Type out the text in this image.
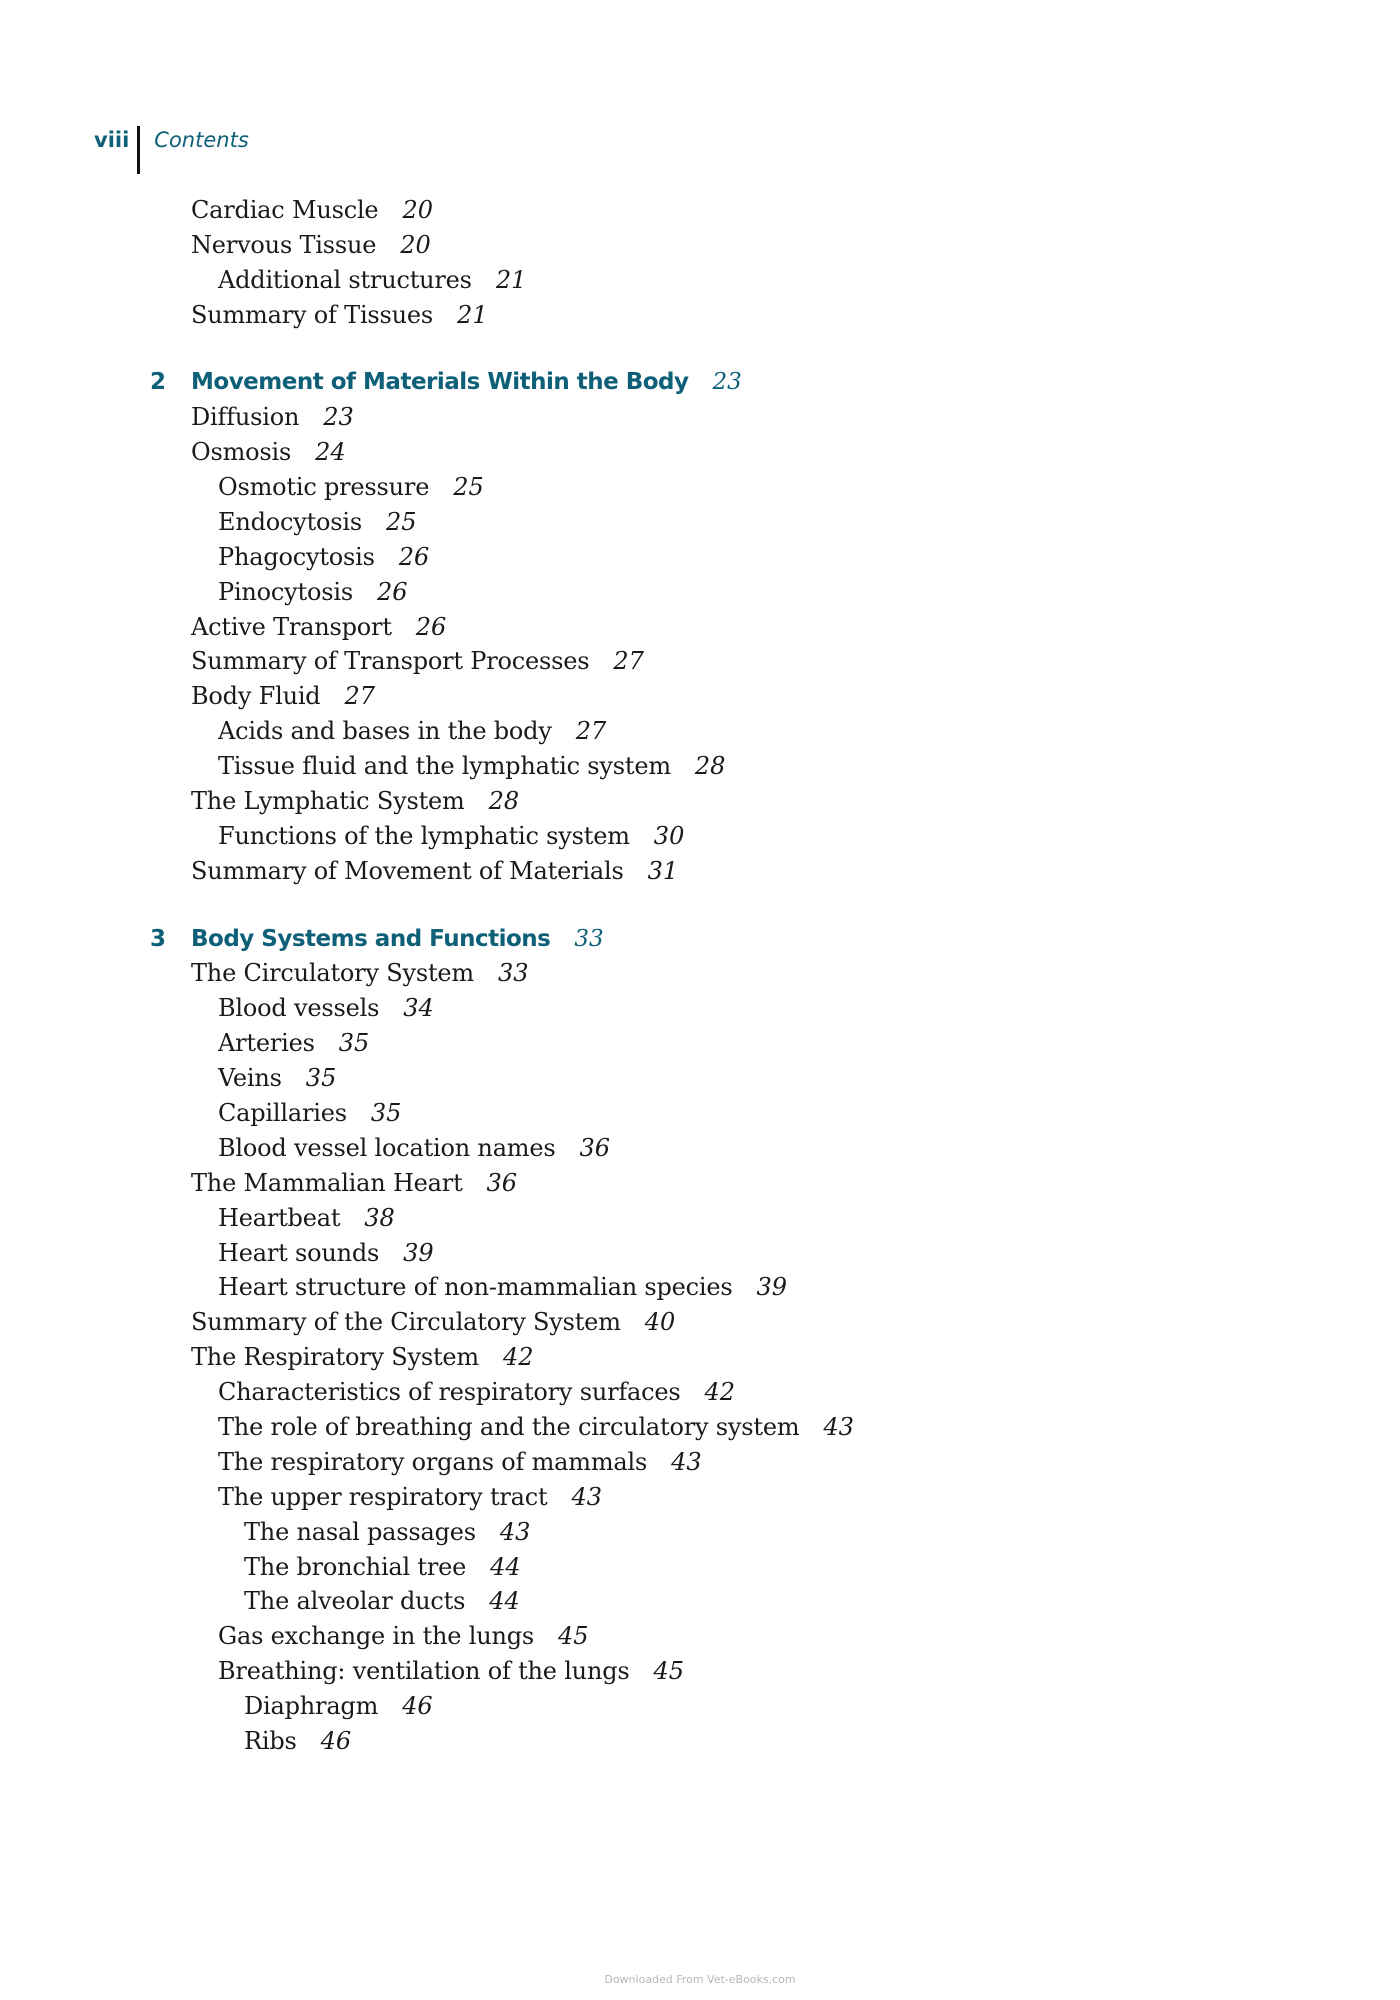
viii Contents
Cardiac Muscle 20
Nervous Tissue 20
Additional structures 21
Summary of Tissues 21
2 Movement of Materials Within the Body 23
Diffusion 23
Osmosis 24
Osmotic pressure 25
Endocytosis 25
Phagocytosis 26
Pinocytosis 26
Active Transport 26
Summary of Transport Processes 27
Body Fluid 27
Acids and bases in the body 27
Tissue fluid and the lymphatic system 28
The Lymphatic System 28
Functions of the lymphatic system 30
Summary of Movement of Materials 31
3 Body Systems and Functions 33
The Circulatory System 33
Blood vessels 34
Arteries 35
Veins 35
Capillaries 35
Blood vessel location names 36
The Mammalian Heart 36
Heartbeat 38
Heart sounds 39
Heart structure of non-mammalian species 39
Summary of the Circulatory System 40
The Respiratory System 42
Characteristics of respiratory surfaces 42
The role of breathing and the circulatory system 43
The respiratory organs of mammals 43
The upper respiratory tract 43
The nasal passages 43
The bronchial tree 44
The alveolar ducts 44
Gas exchange in the lungs 45
Breathing: ventilation of the lungs 45
Diaphragm 46
Ribs 46
Downloaded From Vet-eBooks.com
